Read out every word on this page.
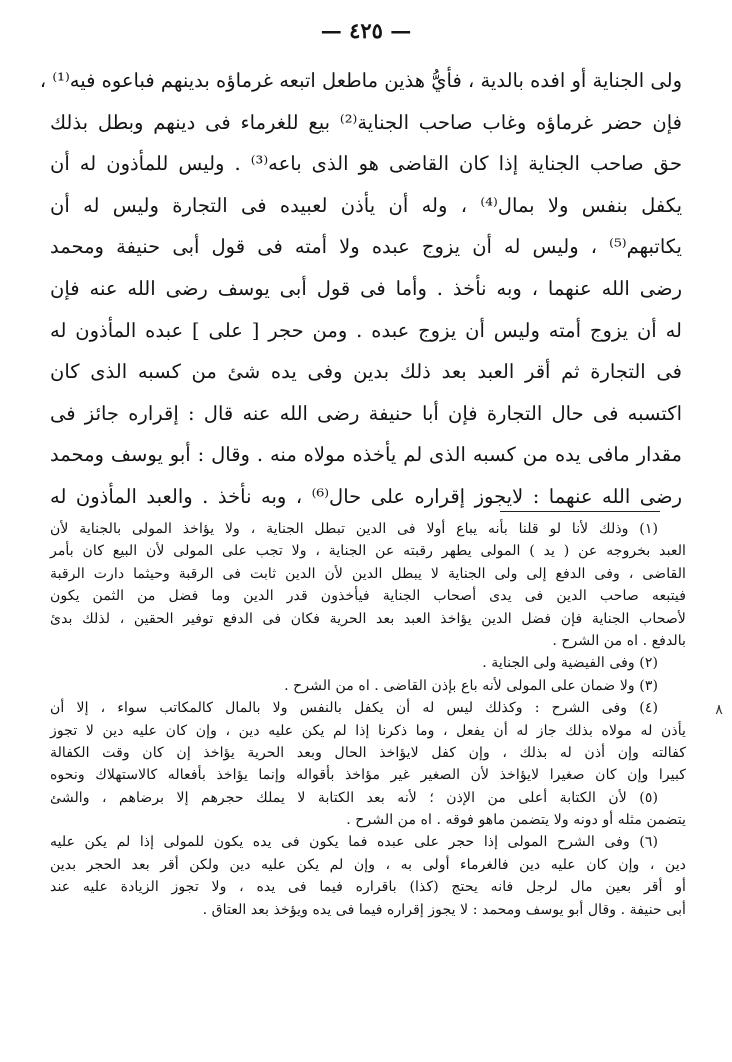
— ٤٢٥ —
ولى الجناية أو افده بالدية ، فأيُّ هذين ماطعل اتبعه غرماؤه بدينهم فباعوه فيه⁽¹⁾ ،
فإن حضر غرماؤه وغاب صاحب الجناية⁽²⁾ بيع للغرماء فى دينهم وبطل بذلك
حق صاحب الجناية إذا كان القاضى هو الذى باعه⁽³⁾ . وليس للمأذون له أن
يكفل بنفس ولا بمال⁽⁴⁾ ، وله أن يأذن لعبيده فى التجارة وليس له أن
يكاتبهم⁽⁵⁾ ، وليس له أن يزوج عبده ولا أمته فى قول أبى حنيفة ومحمد
رضى الله عنهما ، وبه نأخذ . وأما فى قول أبى يوسف رضى الله عنه فإن
له أن يزوج أمته وليس أن يزوج عبده . ومن حجر [ على ] عبده المأذون له
فى التجارة ثم أقر العبد بعد ذلك بدين وفى يده شئ من كسبه الذى كان
اكتسبه فى حال التجارة فإن أبا حنيفة رضى الله عنه قال : إقراره جائز فى
مقدار مافى يده من كسبه الذى لم يأخذه مولاه منه . وقال : أبو يوسف ومحمد
رضى الله عنهما : لايجوز إقراره على حال⁽⁶⁾ ، وبه نأخذ . والعبد المأذون له
(١) وذلك لأنا لو قلنا بأنه يباع أولا فى الدين تبطل الجناية ، ولا يؤاخذ المولى بالجناية لأن
العبد بخروجه عن ( يد ) المولى يطهر رقبته عن الجناية ، ولا تجب على المولى لأن البيع كان بأمر
القاضى ، وفى الدفع إلى ولى الجناية لا يبطل الدين لأن الدين ثابت فى الرقبة وحيثما دارت الرقبة
فيتبعه صاحب الدين فى يدى أصحاب الجناية فيأخذون قدر الدين وما فضل من الثمن يكون
لأصحاب الجناية فإن فضل الدين يؤاخذ العبد بعد الحرية فكان فى الدفع توفير الحقين ، لذلك بدئ
بالدفع . اه من الشرح .
(٢) وفى الفيضية ولى الجناية .
(٣) ولا ضمان على المولى لأنه باع بإذن القاضى . اه من الشرح .
(٤) وفى الشرح : وكذلك ليس له أن يكفل بالنفس ولا بالمال كالمكاتب سواء ، إلا أن
يأذن له مولاه بذلك جاز له أن يفعل ، وما ذكرنا إذا لم يكن عليه دين ، وإن كان عليه دين لا تجوز
كفالته وإن أذن له بذلك ، وإن كفل لايؤاخذ الحال وبعد الحرية يؤاخذ إن كان وقت الكفالة
كبيرا وإن كان صغيرا لايؤاخذ لأن الصغير غير مؤاخذ بأقواله وإنما يؤاخذ بأفعاله كالاستهلاك ونحوه
(٥) لأن الكتابة أعلى من الإذن ؛ لأنه بعد الكتابة لا يملك حجرهم إلا برضاهم ، والشئ
يتضمن مثله أو دونه ولا يتضمن ماهو فوقه . اه من الشرح .
(٦) وفى الشرح المولى إذا حجر على عبده فما يكون فى يده يكون للمولى إذا لم يكن عليه
دين ، وإن كان عليه دين فالغرماء أولى به ، وإن لم يكن عليه دين ولكن أقر بعد الحجر بدين
أو أقر بعين مال لرجل فانه يحتج (كذا) باقراره فيما فى يده ، ولا تجوز الزيادة عليه عند
أبى حنيفة . وقال أبو يوسف ومحمد : لا يجوز إقراره فيما فى يده ويؤخذ بعد العتاق .
٨
